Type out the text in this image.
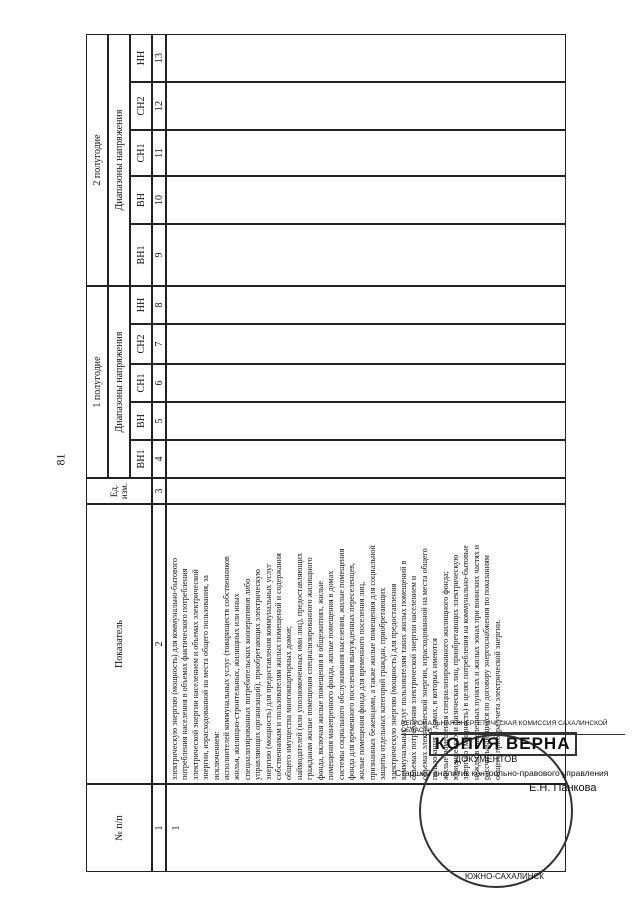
81
№ п/п
Показатель
Ед.
изм.
1 полугодие	Диапазоны напряжения
ВН1
ВН
СН1
СН2
НН
2 полугодие	Диапазоны напряжения
ВН1
ВН
СН1
СН2
НН
1
2
3
4
5
6
7
8
9
10
11
12
13
1
электрическую энергию (мощность) для коммунально-бытового
потребления населения в объемах фактического потребления
электрической энергии населением и объемах электрической
энергии, израсходованной на места общего пользования, за
исключением:
исполнителей коммунальных услуг (товариществ собственников
жилья, жилищно-строительных, жилищных или иных
специализированных потребительских кооперативов либо
управляющих организаций), приобретающих электрическую
энергию (мощность) для предоставления коммунальных услуг
собственникам и пользователям жилых помещений и содержания
общего имущества многоквартирных домов;
наймодателей (или уполномоченных ими лиц), предоставляющих
гражданам жилые помещения специализированного жилищного
фонда, включая жилые помещения в общежитиях, жилые
помещения маневренного фонда, жилые помещения в домах
системы социального обслуживания населения, жилые помещения
фонда для временного поселения вынужденных переселенцев,
жилые помещения фонда для временного поселения лиц,
признанных беженцами, а также жилые помещения для социальной
защиты отдельных категорий граждан, приобретающих
электрическую энергию (мощность) для предоставления
коммунальных услуг пользователям таких жилых помещений в
объемах потребления электрической энергии населением и
объемах электрической энергии, израсходованной на места общего пользования в домах, в которых имеются
жилые помещения специализированного жилищного фонда;
юридических и физических лиц, приобретающих электрическую
энергию (мощность) в целях потребления на коммунально-бытовые
нужды в населенных пунктах и жилых зонах при воинских частях и
рассчитывающихся по договору энергоснабжения по показаниям
общего прибора учета электрической энергии.
РЕГИОНАЛЬНАЯ ЭНЕРГЕТИЧЕСКАЯ КОМИССИЯ САХАЛИНСКОЙ ОБЛАСТИ
КОПИЯ ВЕРНА
ДОКУМЕНТОВ
Старший аналитик контрольно-правового управления
Е.Н. Панкова
ЮЖНО-САХАЛИНСК
